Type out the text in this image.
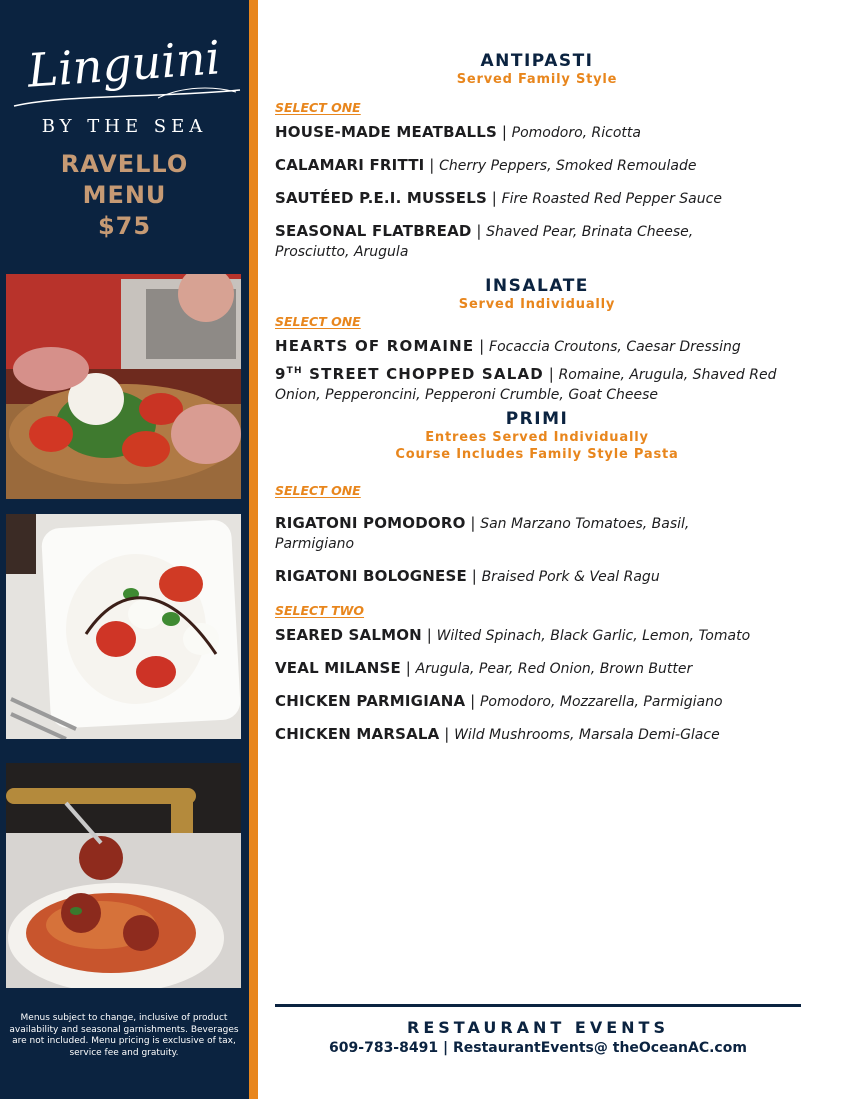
Linguini
BY THE SEA
RAVELLO
MENU
$75
Menus subject to change, inclusive of product availability and seasonal garnishments. Beverages are not included. Menu pricing is exclusive of tax, service fee and gratuity.
ANTIPASTI
Served Family Style
SELECT ONE
HOUSE-MADE MEATBALLS | Pomodoro, Ricotta
CALAMARI FRITTI | Cherry Peppers, Smoked Remoulade
SAUTÉED P.E.I. MUSSELS | Fire Roasted Red Pepper Sauce
SEASONAL FLATBREAD | Shaved Pear, Brinata Cheese, Prosciutto, Arugula
INSALATE
Served Individually
SELECT ONE
HEARTS OF ROMAINE | Focaccia Croutons, Caesar Dressing
9TH STREET CHOPPED SALAD | Romaine, Arugula, Shaved Red Onion, Pepperoncini, Pepperoni Crumble, Goat Cheese
PRIMI
Entrees Served Individually
Course Includes Family Style Pasta
SELECT ONE
RIGATONI POMODORO | San Marzano Tomatoes, Basil, Parmigiano
RIGATONI BOLOGNESE | Braised Pork & Veal Ragu
SELECT TWO
SEARED SALMON | Wilted Spinach, Black Garlic, Lemon, Tomato
VEAL MILANSE | Arugula, Pear, Red Onion, Brown Butter
CHICKEN PARMIGIANA | Pomodoro, Mozzarella, Parmigiano
CHICKEN MARSALA | Wild Mushrooms, Marsala Demi-Glace
RESTAURANT EVENTS
609-783-8491 | RestaurantEvents@ theOceanAC.com
